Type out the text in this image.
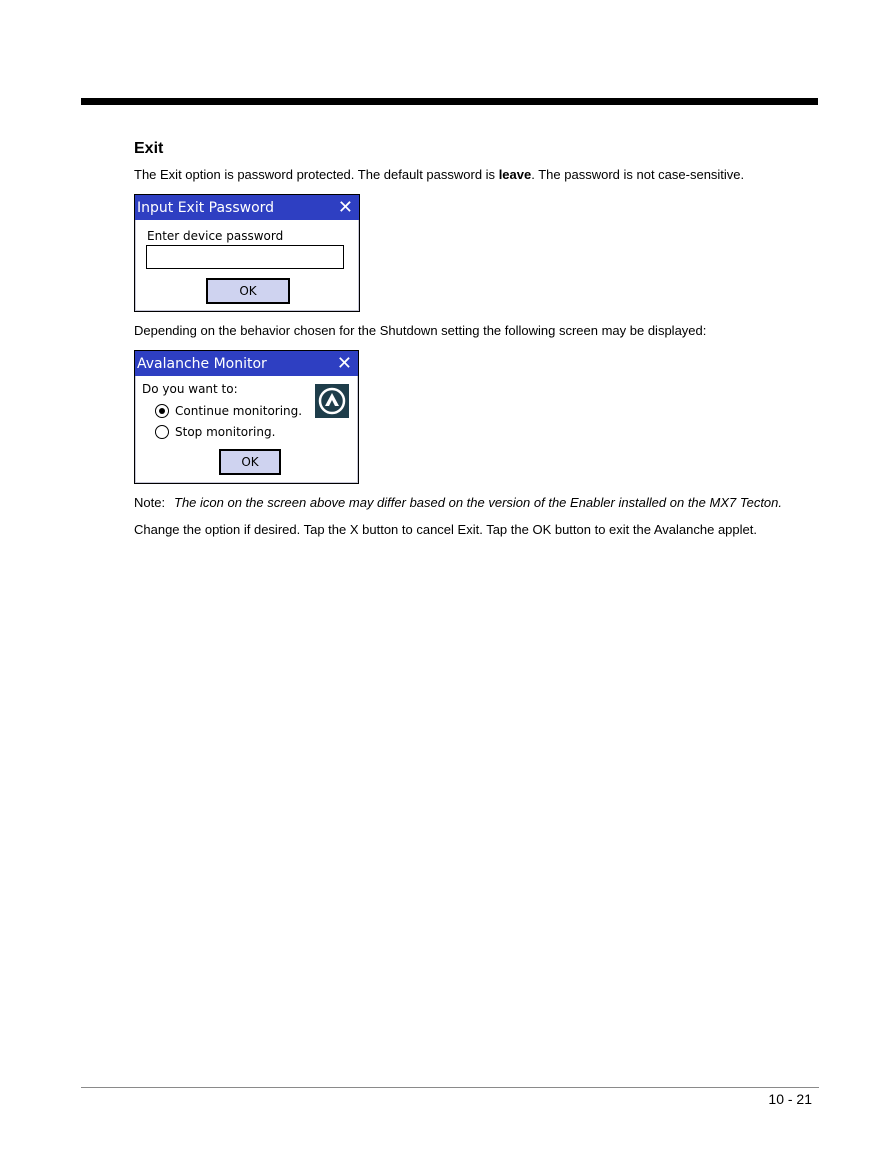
Exit

The Exit option is password protected. The default password is leave. The password is not case-sensitive.

Input Exit Password	✕
Enter device password
OK

Depending on the behavior chosen for the Shutdown setting the following screen may be displayed:

Avalanche Monitor	✕
Do you want to:
Continue monitoring.
Stop monitoring.
OK

Note: The icon on the screen above may differ based on the version of the Enabler installed on the MX7 Tecton.

Change the option if desired. Tap the X button to cancel Exit. Tap the OK button to exit the Avalanche applet.

10 - 21
